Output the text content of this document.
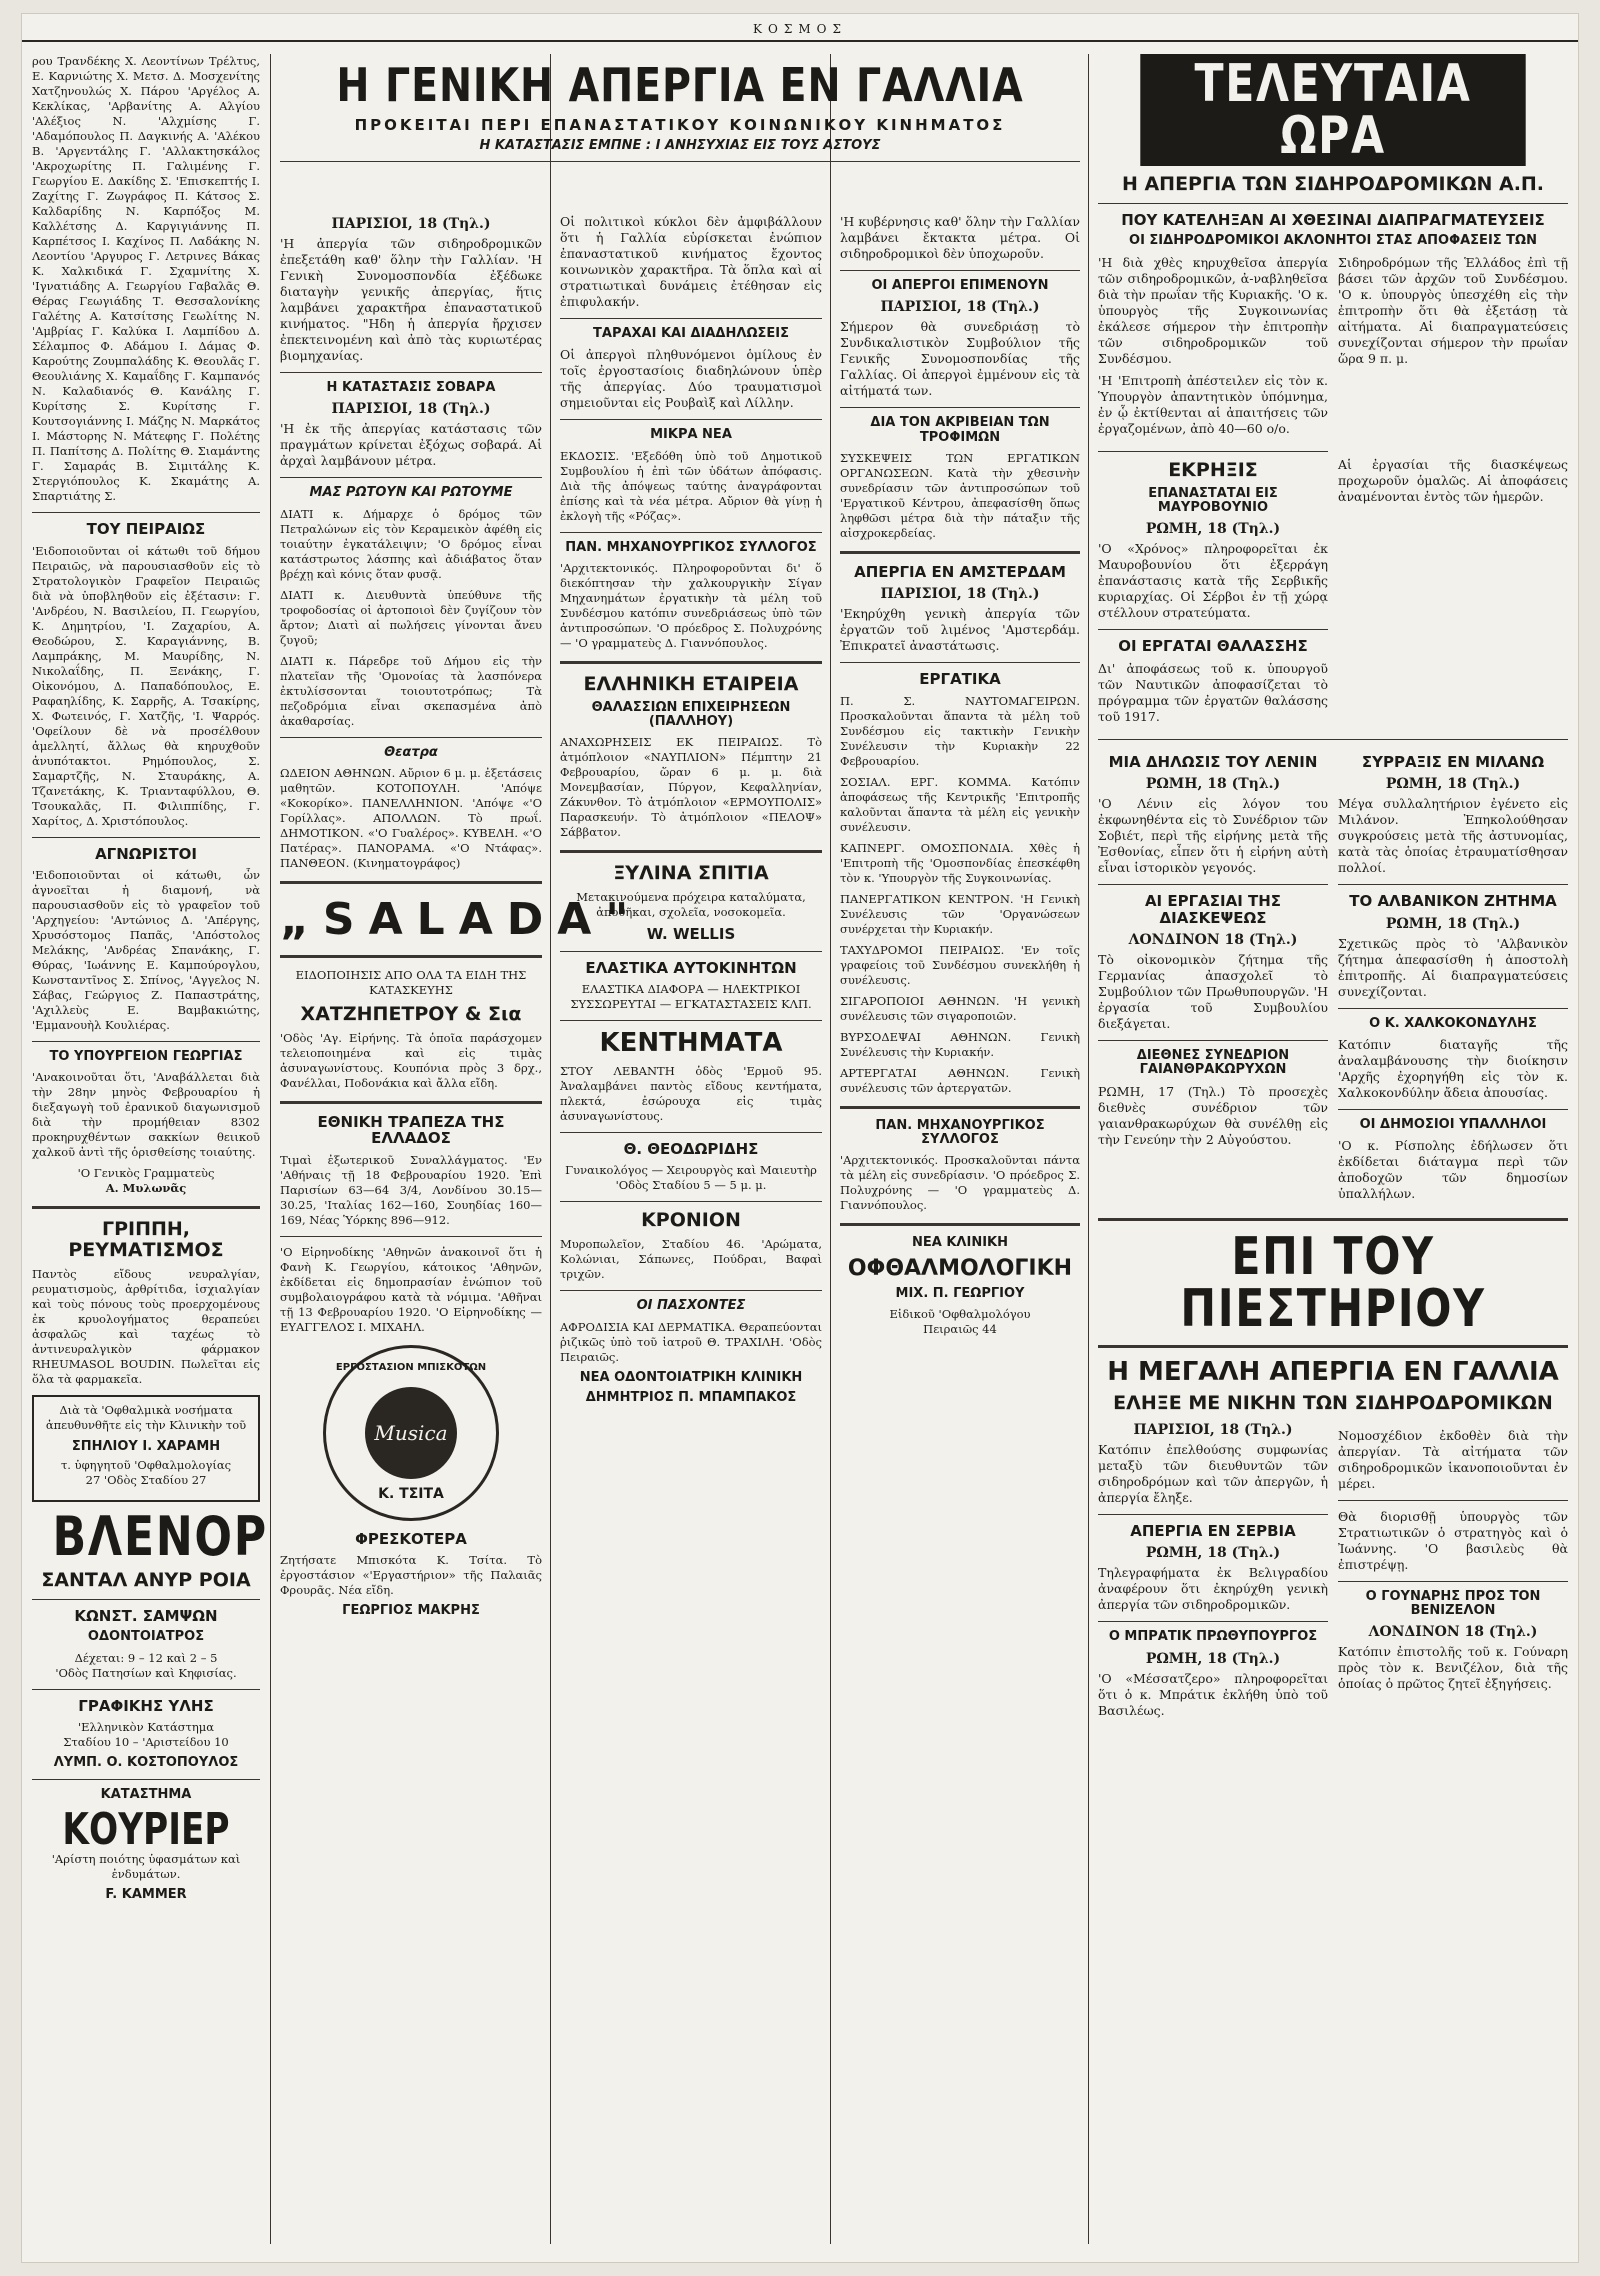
ΚΟΣΜΟΣ

ρου Τρανδέκης Χ. Λεοντίνων Τρέλτυς, Ε. Καρνιώτης Χ. Μετσ. Δ. Μοσχενίτης Χατζηνουλώς Χ. Πάρου 'Αργέλος Α. Κεκλίκας, 'Αρβανίτης Α. Αλγίου 'Αλέξιος Ν. 'Αλχμίσης Γ. 'Αδαμόπουλος Π. Δαγκινής Α. 'Αλέκου Β. 'Αργεντάλης Γ. 'Αλλακτησκάλος 'Ακροχωρίτης Π. Γαλιμένης Γ. Γεωργίου Ε. Δακίδης Σ. 'Επισκεπτής Ι. Ζαχίτης Γ. Ζωγράφος Π. Κάτσος Σ. Καλδαρίδης Ν. Καρπόξος Μ. Καλλέτσης Δ. Καργιγιάννης Π. Καρπέτσος Ι. Καχίνος Π. Λαδάκης Ν. Λεοντίου 'Αργυρος Γ. Λετρινες Βάκας Κ. Χαλκιδικά Γ. Σχαμνίτης Χ. 'Ιγνατιάδης Α. Γεωργίου Γαβαλᾶς Θ. Θέρας Γεωγιάδης Τ. Θεσσαλονίκης Γαλέτης Α. Κατσίτσης Γεωλίτης Ν. 'Αμβρίας Γ. Καλύκα Ι. Λαμπίδου Δ. Σέλαμπος Φ. Αδάμου Ι. Δάμας Φ. Καρούτης Ζουμπαλάδης Κ. Θεουλᾶς Γ. Θεουλιάνης Χ. Καμαΐδης Γ. Καμπανός Ν. Καλαδιανός Θ. Κανάλης Γ. Κυρίτσης Σ. Κυρίτσης Γ. Κουτσογιάννης Ι. Μάζης Ν. Μαρκάτος Ι. Μάστορης Ν. Μάτεφης Γ. Πολέτης Π. Παπίτσης Δ. Πολίτης Θ. Σιαμάντης Γ. Σαμαράς Β. Σιμιτάλης Κ. Στεργιόπουλος Κ. Σκαμάτης Α. Σπαρτιάτης Σ.

ΤΟΥ ΠΕΙΡΑΙΩΣ

'Ειδοποιοῦνται οἱ κάτωθι τοῦ δήμου Πειραιῶς, νὰ παρουσιασθοῦν εἰς τὸ Στρατολογικὸν Γραφεῖον Πειραιῶς διὰ νὰ ὑποβληθοῦν εἰς ἐξέτασιν: Γ. 'Ανδρέου, Ν. Βασιλείου, Π. Γεωργίου, Κ. Δημητρίου, 'Ι. Ζαχαρίου, Α. Θεοδώρου, Σ. Καραγιάννης, Β. Λαμπράκης, Μ. Μαυρίδης, Ν. Νικολαΐδης, Π. Ξενάκης, Γ. Οἰκονόμου, Δ. Παπαδόπουλος, Ε. Ραφαηλίδης, Κ. Σαρρῆς, Α. Τσακίρης, Χ. Φωτεινός, Γ. Χατζῆς, 'Ι. Ψαρρός. 'Οφείλουν δὲ νὰ προσέλθουν ἀμελλητί, ἄλλως θὰ κηρυχθοῦν ἀνυπότακτοι. Ρημόπουλος, Σ. Σαμαρτζῆς, Ν. Σταυράκης, Α. Τζανετάκης, Κ. Τριανταφύλλου, Θ. Τσουκαλᾶς, Π. Φιλιππίδης, Γ. Χαρίτος, Δ. Χριστόπουλος.

ΑΓΝΩΡΙΣΤΟΙ

'Ειδοποιοῦνται οἱ κάτωθι, ὧν ἀγνοεῖται ἡ διαμονή, νὰ παρουσιασθοῦν εἰς τὸ γραφεῖον τοῦ 'Αρχηγείου: 'Αντώνιος Δ. 'Απέργης, Χρυσόστομος Παπᾶς, 'Απόστολος Μελάκης, 'Ανδρέας Σπανάκης, Γ. Θύρας, 'Ιωάννης Ε. Καμπούρογλου, Κωνσταντῖνος Σ. Σπίνος, 'Αγγελος Ν. Σάβας, Γεώργιος Ζ. Παπαστράτης, 'Αχιλλεὺς Ε. Βαμβακιώτης, 'Εμμανουὴλ Κουλιέρας.

ΤΟ ΥΠΟΥΡΓΕΙΟΝ ΓΕΩΡΓΙΑΣ

'Ανακοινοῦται ὅτι, 'Αναβάλλεται διὰ τὴν 28ην μηνὸς Φεβρουαρίου ἡ διεξαγωγὴ τοῦ ἐρανικοῦ διαγωνισμοῦ διὰ τὴν προμήθειαν 8302 προκηρυχθέντων σακκίων θειικοῦ χαλκοῦ ἀντὶ τῆς ὁρισθείσης τοιαύτης.

'Ο Γενικὸς Γραμματεὺς
Α. Μυλωνᾶς

ΓΡΙΠΠΗ, ΡΕΥΜΑΤΙΣΜΟΣ

Παντὸς εἴδους νευραλγίαν, ρευματισμοὺς, ἀρθρίτιδα, ἰσχιαλγίαν καὶ τοὺς πόνους τοὺς προερχομένους ἐκ κρυολογήματος θεραπεύει ἀσφαλῶς καὶ ταχέως τὸ ἀντινευραλγικὸν φάρμακον RHEUMASOL BOUDIN. Πωλεῖται εἰς ὅλα τὰ φαρμακεῖα.

Διὰ τὰ 'Οφθαλμικὰ νοσήματα ἀπευθυνθῆτε εἰς τὴν Κλινικὴν τοῦ

ΣΠΗΛΙΟΥ Ι. ΧΑΡΑΜΗ

τ. ὑφηγητοῦ 'Οφθαλμολογίας
27 'Οδὸς Σταδίου 27

ΒΛΕΝΟΡ
ΣΑΝΤΑΛ ΑΝΥΡ ΡΟΙΑ
ΚΩΝΣΤ. ΣΑΜΨΩΝ
ΟΔΟΝΤΟΙΑΤΡΟΣ

Δέχεται: 9 – 12 καὶ 2 – 5
'Οδὸς Πατησίων καὶ Κηφισίας.

ΓΡΑΦΙΚΗΣ ΥΛΗΣ

'Ελληνικὸν Κατάστημα
Σταδίου 10 – 'Αριστείδου 10

ΛΥΜΠ. Ο. ΚΟΣΤΟΠΟΥΛΟΣ
ΚΑΤΑΣΤΗΜΑ
ΚΟΥΡΙΕΡ

'Αρίστη ποιότης ὑφασμάτων καὶ ἐνδυμάτων.

F. KAMMER
Η ΓΕΝΙΚΗ ΑΠΕΡΓΙΑ ΕΝ ΓΑΛΛΙΑ
ΠΡΟΚΕΙΤΑΙ ΠΕΡΙ ΕΠΑΝΑΣΤΑΤΙΚΟΥ ΚΟΙΝΩΝΙΚΟΥ ΚΙΝΗΜΑΤΟΣ
Η ΚΑΤΑΣΤΑΣΙΣ ΕΜΠΝΕ : Ι ΑΝΗΣΥΧΙΑΣ ΕΙΣ ΤΟΥΣ ΑΣΤΟΥΣ
ΠΑΡΙΣΙΟΙ, 18 (Τηλ.)

'Η ἀπεργία τῶν σιδηροδρομικῶν ἐπεξετάθη καθ' ὅλην τὴν Γαλλίαν. 'Η Γενικὴ Συνομοσπονδία ἐξέδωκε διαταγὴν γενικῆς ἀπεργίας, ἥτις λαμβάνει χαρακτῆρα ἐπαναστατικοῦ κινήματος. "Ηδη ἡ ἀπεργία ἤρχισεν ἐπεκτεινομένη καὶ ἀπὸ τὰς κυριωτέρας βιομηχανίας.

Η ΚΑΤΑΣΤΑΣΙΣ ΣΟΒΑΡΑ
ΠΑΡΙΣΙΟΙ, 18 (Τηλ.)

'Η ἐκ τῆς ἀπεργίας κατάστασις τῶν πραγμάτων κρίνεται ἐξόχως σοβαρά. Αἱ ἀρχαὶ λαμβάνουν μέτρα.

ΜΑΣ ΡΩΤΟΥΝ ΚΑΙ ΡΩΤΟΥΜΕ

ΔΙΑΤΙ κ. Δήμαρχε ὁ δρόμος τῶν Πετραλώνων εἰς τὸν Κεραμεικὸν ἀφέθη εἰς τοιαύτην ἐγκατάλειψιν; 'Ο δρόμος εἶναι κατάστρωτος λάσπης καὶ ἀδιάβατος ὅταν βρέχῃ καὶ κόνις ὅταν φυσᾷ.

ΔΙΑΤΙ κ. Διευθυντὰ ὑπεύθυνε τῆς τροφοδοσίας οἱ ἀρτοποιοὶ δὲν ζυγίζουν τὸν ἄρτον; Διατὶ αἱ πωλήσεις γίνονται ἄνευ ζυγοῦ;

ΔΙΑΤΙ κ. Πάρεδρε τοῦ Δήμου εἰς τὴν πλατεῖαν τῆς 'Ομονοίας τὰ λασπόνερα ἐκτυλίσσονται τοιουτοτρόπως; Τὰ πεζοδρόμια εἶναι σκεπασμένα ἀπὸ ἀκαθαρσίας.

Θεατρα

ΩΔΕΙΟΝ ΑΘΗΝΩΝ. Αὔριον 6 μ. μ. ἐξετάσεις μαθητῶν. ΚΟΤΟΠΟΥΛΗ. 'Απόψε «Κοκορίκο». ΠΑΝΕΛΛΗΝΙΟΝ. 'Απόψε «'Ο Γορίλλας». ΑΠΟΛΛΩΝ. Τὸ πρωΐ. ΔΗΜΟΤΙΚΟΝ. «'Ο Γυαλέρος». ΚΥΒΕΛΗ. «'Ο Πατέρας». ΠΑΝΟΡΑΜΑ. «'Ο Ντάφας». ΠΑΝΘΕΟΝ. (Κινηματογράφος)

„SALADA"

ΕΙΔΟΠΟΙΗΣΙΣ ΑΠΟ ΟΛΑ ΤΑ ΕΙΔΗ ΤΗΣ ΚΑΤΑΣΚΕΥΗΣ

ΧΑΤΖΗΠΕΤΡΟΥ & Σια

'Οδὸς 'Αγ. Εἰρήνης. Τὰ ὁποῖα παράσχομεν τελειοποιημένα καὶ εἰς τιμὰς ἀσυναγωνίστους. Κουπόνια πρὸς 3 δρχ., Φανέλλαι, Ποδονάκια καὶ ἄλλα εἴδη.

ΕΘΝΙΚΗ ΤΡΑΠΕΖΑ ΤΗΣ ΕΛΛΑΔΟΣ

Τιμαὶ ἐξωτερικοῦ Συναλλάγματος. 'Εν 'Αθήναις τῇ 18 Φεβρουαρίου 1920. Ἐπὶ Παρισίων 63—64 3/4, Λονδίνου 30.15—30.25, 'Ιταλίας 162—160, Σουηδίας 160—169, Νέας Ὑόρκης 896—912.

'Ο Εἰρηνοδίκης 'Αθηνῶν ἀνακοινοῖ ὅτι ἡ Φανὴ Κ. Γεωργίου, κάτοικος 'Αθηνῶν, ἐκδίδεται εἰς δημοπρασίαν ἐνώπιον τοῦ συμβολαιογράφου κατὰ τὰ νόμιμα. 'Αθῆναι τῇ 13 Φεβρουαρίου 1920. 'Ο Εἰρηνοδίκης — ΕΥΑΓΓΕΛΟΣ Ι. ΜΙΧΑΗΛ.

ΕΡΓΟΣΤΑΣΙΟΝ ΜΠΙΣΚΟΤΩΝ
Musica
Κ. ΤΣΙΤΑ
ΦΡΕΣΚΟΤΕΡΑ

Ζητήσατε Μπισκότα Κ. Τσίτα. Τὸ ἐργοστάσιον «'Εργαστήριον» τῆς Παλαιᾶς Φρουρᾶς. Νέα εἴδη.

ΓΕΩΡΓΙΟΣ ΜΑΚΡΗΣ

Οἱ πολιτικοὶ κύκλοι δὲν ἀμφιβάλλουν ὅτι ἡ Γαλλία εὑρίσκεται ἐνώπιον ἐπαναστατικοῦ κινήματος ἔχοντος κοινωνικὸν χαρακτῆρα. Τὰ ὅπλα καὶ αἱ στρατιωτικαὶ δυνάμεις ἐτέθησαν εἰς ἐπιφυλακήν.

ΤΑΡΑΧΑΙ ΚΑΙ ΔΙΑΔΗΛΩΣΕΙΣ

Οἱ ἀπεργοὶ πληθυνόμενοι ὁμίλους ἐν τοῖς ἐργοστασίοις διαδηλώνουν ὑπὲρ τῆς ἀπεργίας. Δύο τραυματισμοὶ σημειοῦνται εἰς Ρουβαὶξ καὶ Λίλλην.

ΜΙΚΡΑ ΝΕΑ

ΕΚΔΟΣΙΣ. 'Εξεδόθη ὑπὸ τοῦ Δημοτικοῦ Συμβουλίου ἡ ἐπὶ τῶν ὑδάτων ἀπόφασις. Διὰ τῆς ἀπόψεως ταύτης ἀναγράφονται ἐπίσης καὶ τὰ νέα μέτρα. Αὔριον θὰ γίνῃ ἡ ἐκλογὴ τῆς «Ρόζας».

ΠΑΝ. ΜΗΧΑΝΟΥΡΓΙΚΟΣ ΣΥΛΛΟΓΟΣ

'Αρχιτεκτονικός. Πληροφοροῦνται δι' ὅ διεκόπτησαν τὴν χαλκουργικὴν Σίγαν Μηχανημάτων ἐργατικὴν τὰ μέλη τοῦ Συνδέσμου κατόπιν συνεδριάσεως ὑπὸ τῶν ἀντιπροσώπων. 'Ο πρόεδρος Σ. Πολυχρόνης — 'Ο γραμματεὺς Δ. Γιαννόπουλος.

ΕΛΛΗΝΙΚΗ ΕΤΑΙΡΕΙΑ
ΘΑΛΑΣΣΙΩΝ ΕΠΙΧΕΙΡΗΣΕΩΝ (ΠΑΛΛΗΟΥ)

ΑΝΑΧΩΡΗΣΕΙΣ ΕΚ ΠΕΙΡΑΙΩΣ. Τὸ ἀτμόπλοιον «ΝΑΥΠΛΙΟΝ» Πέμπτην 21 Φεβρουαρίου, ὥραν 6 μ. μ. διὰ Μονεμβασίαν, Πύργον, Κεφαλληνίαν, Ζάκυνθον. Τὸ ἀτμόπλοιον «ΕΡΜΟΥΠΟΛΙΣ» Παρασκευήν. Τὸ ἀτμόπλοιον «ΠΕΛΟΨ» Σάββατον.

ΞΥΛΙΝΑ ΣΠΙΤΙΑ

Μετακινούμενα πρόχειρα καταλύματα, ἀποθῆκαι, σχολεῖα, νοσοκομεῖα.

W. WELLIS
ΕΛΑΣΤΙΚΑ ΑΥΤΟΚΙΝΗΤΩΝ

ΕΛΑΣΤΙΚΑ ΔΙΑΦΟΡΑ — ΗΛΕΚΤΡΙΚΟΙ ΣΥΣΣΩΡΕΥΤΑΙ — ΕΓΚΑΤΑΣΤΑΣΕΙΣ ΚΛΠ.

ΚΕΝΤΗΜΑΤΑ

ΣΤΟΥ ΛΕΒΑΝΤΗ ὁδὸς 'Ερμοῦ 95. Ἀναλαμβάνει παντὸς εἴδους κεντήματα, πλεκτά, ἐσώρουχα εἰς τιμὰς ἀσυναγωνίστους.

Θ. ΘΕΟΔΩΡΙΔΗΣ

Γυναικολόγος — Χειρουργὸς καὶ Μαιευτὴρ
'Οδὸς Σταδίου 5 — 5 μ. μ.

ΚΡΟΝΙΟΝ

Μυροπωλεῖον, Σταδίου 46. 'Αρώματα, Κολώνιαι, Σάπωνες, Πούδραι, Βαφαὶ τριχῶν.

ΟΙ ΠΑΣΧΟΝΤΕΣ

ΑΦΡΟΔΙΣΙΑ ΚΑΙ ΔΕΡΜΑΤΙΚΑ. Θεραπεύονται ῥιζικῶς ὑπὸ τοῦ ἰατροῦ Θ. ΤΡΑΧΙΛΗ. 'Οδὸς Πειραιῶς.

ΝΕΑ ΟΔΟΝΤΟΙΑΤΡΙΚΗ ΚΛΙΝΙΚΗ
ΔΗΜΗΤΡΙΟΣ Π. ΜΠΑΜΠΑΚΟΣ

'Η κυβέρνησις καθ' ὅλην τὴν Γαλλίαν λαμβάνει ἔκτακτα μέτρα. Οἱ σιδηροδρομικοὶ δὲν ὑποχωροῦν.

ΟΙ ΑΠΕΡΓΟΙ ΕΠΙΜΕΝΟΥΝ
ΠΑΡΙΣΙΟΙ, 18 (Τηλ.)

Σήμερον θὰ συνεδριάσῃ τὸ Συνδικαλιστικὸν Συμβούλιον τῆς Γενικῆς Συνομοσπονδίας τῆς Γαλλίας. Οἱ ἀπεργοὶ ἐμμένουν εἰς τὰ αἰτήματά των.

ΔΙΑ ΤΟΝ ΑΚΡΙΒΕΙΑΝ ΤΩΝ ΤΡΟΦΙΜΩΝ

ΣΥΣΚΕΨΕΙΣ ΤΩΝ ΕΡΓΑΤΙΚΩΝ ΟΡΓΑΝΩΣΕΩΝ. Κατὰ τὴν χθεσινὴν συνεδρίασιν τῶν ἀντιπροσώπων τοῦ 'Εργατικοῦ Κέντρου, ἀπεφασίσθη ὅπως ληφθῶσι μέτρα διὰ τὴν πάταξιν τῆς αἰσχροκερδείας.

ΑΠΕΡΓΙΑ ΕΝ ΑΜΣΤΕΡΔΑΜ
ΠΑΡΙΣΙΟΙ, 18 (Τηλ.)

'Εκηρύχθη γενικὴ ἀπεργία τῶν ἐργατῶν τοῦ λιμένος 'Αμστερδάμ. Ἐπικρατεῖ ἀναστάτωσις.

ΕΡΓΑΤΙΚΑ

Π. Σ. ΝΑΥΤΟΜΑΓΕΙΡΩΝ. Προσκαλοῦνται ἅπαντα τὰ μέλη τοῦ Συνδέσμου εἰς τακτικὴν Γενικὴν Συνέλευσιν τὴν Κυριακὴν 22 Φεβρουαρίου.

ΣΟΣΙΑΛ. ΕΡΓ. ΚΟΜΜΑ. Κατόπιν ἀποφάσεως τῆς Κεντρικῆς 'Επιτροπῆς καλοῦνται ἅπαντα τὰ μέλη εἰς γενικὴν συνέλευσιν.

ΚΑΠΝΕΡΓ. ΟΜΟΣΠΟΝΔΙΑ. Χθὲς ἡ 'Επιτροπὴ τῆς 'Ομοσπονδίας ἐπεσκέφθη τὸν κ. 'Υπουργὸν τῆς Συγκοινωνίας.

ΠΑΝΕΡΓΑΤΙΚΟΝ ΚΕΝΤΡΟΝ. 'Η Γενικὴ Συνέλευσις τῶν 'Οργανώσεων συνέρχεται τὴν Κυριακήν.

ΤΑΧΥΔΡΟΜΟΙ ΠΕΙΡΑΙΩΣ. 'Εν τοῖς γραφείοις τοῦ Συνδέσμου συνεκλήθη ἡ συνέλευσις.

ΣΙΓΑΡΟΠΟΙΟΙ ΑΘΗΝΩΝ. 'Η γενικὴ συνέλευσις τῶν σιγαροποιῶν.

ΒΥΡΣΟΔΕΨΑΙ ΑΘΗΝΩΝ. Γενικὴ Συνέλευσις τὴν Κυριακήν.

ΑΡΤΕΡΓΑΤΑΙ ΑΘΗΝΩΝ. Γενικὴ συνέλευσις τῶν ἀρτεργατῶν.

ΠΑΝ. ΜΗΧΑΝΟΥΡΓΙΚΟΣ ΣΥΛΛΟΓΟΣ

'Αρχιτεκτονικός. Προσκαλοῦνται πάντα τὰ μέλη εἰς συνεδρίασιν. 'Ο πρόεδρος Σ. Πολυχρόνης — 'Ο γραμματεὺς Δ. Γιαννόπουλος.

ΝΕΑ ΚΛΙΝΙΚΗ
ΟΦΘΑΛΜΟΛΟΓΙΚΗ
ΜΙΧ. Π. ΓΕΩΡΓΙΟΥ

Εἰδικοῦ 'Οφθαλμολόγου
Πειραιῶς 44

ΤΕΛΕΥΤΑΙΑ ΩΡΑ
Η ΑΠΕΡΓΙΑ ΤΩΝ ΣΙΔΗΡΟΔΡΟΜΙΚΩΝ Α.Π.
ΠΟΥ ΚΑΤΕΛΗΞΑΝ ΑΙ ΧΘΕΣΙΝΑΙ ΔΙΑΠΡΑΓΜΑΤΕΥΣΕΙΣ
ΟΙ ΣΙΔΗΡΟΔΡΟΜΙΚΟΙ ΑΚΛΟΝΗΤΟΙ ΣΤΑΣ ΑΠΟΦΑΣΕΙΣ ΤΩΝ

'Η διὰ χθὲς κηρυχθεῖσα ἀπεργία τῶν σιδηροδρομικῶν, ἀ-ναβληθεῖσα διὰ τὴν πρωΐαν τῆς Κυριακῆς. 'Ο κ. ὑπουργὸς τῆς Συγκοινωνίας ἐκάλεσε σήμερον τὴν ἐπιτροπὴν τῶν σιδηροδρομικῶν τοῦ Συνδέσμου.

'Η 'Επιτροπὴ ἀπέστειλεν εἰς τὸν κ. Ὑπουργὸν ἀπαντητικὸν ὑπόμνημα, ἐν ᾧ ἐκτίθενται αἱ ἀπαιτήσεις τῶν ἐργαζομένων, ἀπὸ 40—60 ο/ο.

Σιδηροδρόμων τῆς Ἑλλάδος ἐπὶ τῇ βάσει τῶν ἀρχῶν τοῦ Συνδέσμου. 'Ο κ. ὑπουργὸς ὑπεσχέθη εἰς τὴν ἐπιτροπὴν ὅτι θὰ ἐξετάσῃ τὰ αἰτήματα. Αἱ διαπραγματεύσεις συνεχίζονται σήμερον τὴν πρωΐαν ὥρα 9 π. μ.

ΕΚΡΗΞΙΣ
ΕΠΑΝΑΣΤΑΤΑΙ ΕΙΣ ΜΑΥΡΟΒΟΥΝΙΟ
ΡΩΜΗ, 18 (Τηλ.)

'Ο «Χρόνος» πληροφορεῖται ἐκ Μαυροβουνίου ὅτι ἐξερράγη ἐπανάστασις κατὰ τῆς Σερβικῆς κυριαρχίας. Οἱ Σέρβοι ἐν τῇ χώρᾳ στέλλουν στρατεύματα.

ΟΙ ΕΡΓΑΤΑΙ ΘΑΛΑΣΣΗΣ

Δι' ἀποφάσεως τοῦ κ. ὑπουργοῦ τῶν Ναυτικῶν ἀποφασίζεται τὸ πρόγραμμα τῶν ἐργατῶν θαλάσσης τοῦ 1917.

Αἱ ἐργασίαι τῆς διασκέψεως προχωροῦν ὁμαλῶς. Αἱ ἀποφάσεις ἀναμένονται ἐντὸς τῶν ἡμερῶν.

ΜΙΑ ΔΗΛΩΣΙΣ ΤΟΥ ΛΕΝΙΝ
ΡΩΜΗ, 18 (Τηλ.)

'Ο Λένιν εἰς λόγον του ἐκφωνηθέντα εἰς τὸ Συνέδριον τῶν Σοβιέτ, περὶ τῆς εἰρήνης μετὰ τῆς Ἐσθονίας, εἶπεν ὅτι ἡ εἰρήνη αὐτὴ εἶναι ἱστορικὸν γεγονός.

ΑΙ ΕΡΓΑΣΙΑΙ ΤΗΣ ΔΙΑΣΚΕΨΕΩΣ
ΛΟΝΔΙΝΟΝ 18 (Τηλ.)

Τὸ οἰκονομικὸν ζήτημα τῆς Γερμανίας ἀπασχολεῖ τὸ Συμβούλιον τῶν Πρωθυπουργῶν. 'Η ἐργασία τοῦ Συμβουλίου διεξάγεται.

ΔΙΕΘΝΕΣ ΣΥΝΕΔΡΙΟΝ ΓΑΙΑΝΘΡΑΚΩΡΥΧΩΝ

ΡΩΜΗ, 17 (Τηλ.) Τὸ προσεχὲς διεθνὲς συνέδριον τῶν γαιανθρακωρύχων θὰ συνέλθῃ εἰς τὴν Γενεύην τὴν 2 Αὐγούστου.

ΣΥΡΡΑΞΙΣ ΕΝ ΜΙΛΑΝΩ
ΡΩΜΗ, 18 (Τηλ.)

Μέγα συλλαλητήριον ἐγένετο εἰς Μιλάνον. Ἐπηκολούθησαν συγκρούσεις μετὰ τῆς ἀστυνομίας, κατὰ τὰς ὁποίας ἐτραυματίσθησαν πολλοί.

ΤΟ ΑΛΒΑΝΙΚΟΝ ΖΗΤΗΜΑ
ΡΩΜΗ, 18 (Τηλ.)

Σχετικῶς πρὸς τὸ 'Αλβανικὸν ζήτημα ἀπεφασίσθη ἡ ἀποστολὴ ἐπιτροπῆς. Αἱ διαπραγματεύσεις συνεχίζονται.

Ο Κ. ΧΑΛΚΟΚΟΝΔΥΛΗΣ

Κατόπιν διαταγῆς τῆς ἀναλαμβάνουσης τὴν διοίκησιν 'Αρχῆς ἐχορηγήθη εἰς τὸν κ. Χαλκοκονδύλην ἄδεια ἀπουσίας.

ΟΙ ΔΗΜΟΣΙΟΙ ΥΠΑΛΛΗΛΟΙ

'Ο κ. Ρίσπολης ἐδήλωσεν ὅτι ἐκδίδεται διάταγμα περὶ τῶν ἀποδοχῶν τῶν δημοσίων ὑπαλλήλων.

ΕΠΙ ΤΟΥ ΠΙΕΣΤΗΡΙΟΥ
Η ΜΕΓΑΛΗ ΑΠΕΡΓΙΑ ΕΝ ΓΑΛΛΙΑ
ΕΛΗΞΕ ΜΕ ΝΙΚΗΝ ΤΩΝ ΣΙΔΗΡΟΔΡΟΜΙΚΩΝ
ΠΑΡΙΣΙΟΙ, 18 (Τηλ.)

Κατόπιν ἐπελθούσης συμφωνίας μεταξὺ τῶν διευθυντῶν τῶν σιδηροδρόμων καὶ τῶν ἀπεργῶν, ἡ ἀπεργία ἔληξε.

ΑΠΕΡΓΙΑ ΕΝ ΣΕΡΒΙΑ
ΡΩΜΗ, 18 (Τηλ.)

Τηλεγραφήματα ἐκ Βελιγραδίου ἀναφέρουν ὅτι ἐκηρύχθη γενικὴ ἀπεργία τῶν σιδηροδρομικῶν.

Ο ΜΠΡΑΤΙΚ ΠΡΩΘΥΠΟΥΡΓΟΣ
ΡΩΜΗ, 18 (Τηλ.)

'Ο «Μέσσατζερο» πληροφορεῖται ὅτι ὁ κ. Μπράτικ ἐκλήθη ὑπὸ τοῦ Βασιλέως.

Νομοσχέδιον ἐκδοθὲν διὰ τὴν ἀπεργίαν. Τὰ αἰτήματα τῶν σιδηροδρομικῶν ἱκανοποιοῦνται ἐν μέρει.

Θὰ διορισθῇ ὑπουργὸς τῶν Στρατιωτικῶν ὁ στρατηγὸς καὶ ὁ Ἰωάννης. 'Ο βασιλεὺς θὰ ἐπιστρέψῃ.

Ο ΓΟΥΝΑΡΗΣ ΠΡΟΣ ΤΟΝ ΒΕΝΙΖΕΛΟΝ
ΛΟΝΔΙΝΟΝ 18 (Τηλ.)

Κατόπιν ἐπιστολῆς τοῦ κ. Γούναρη πρὸς τὸν κ. Βενιζέλον, διὰ τῆς ὁποίας ὁ πρῶτος ζητεῖ ἐξηγήσεις.
